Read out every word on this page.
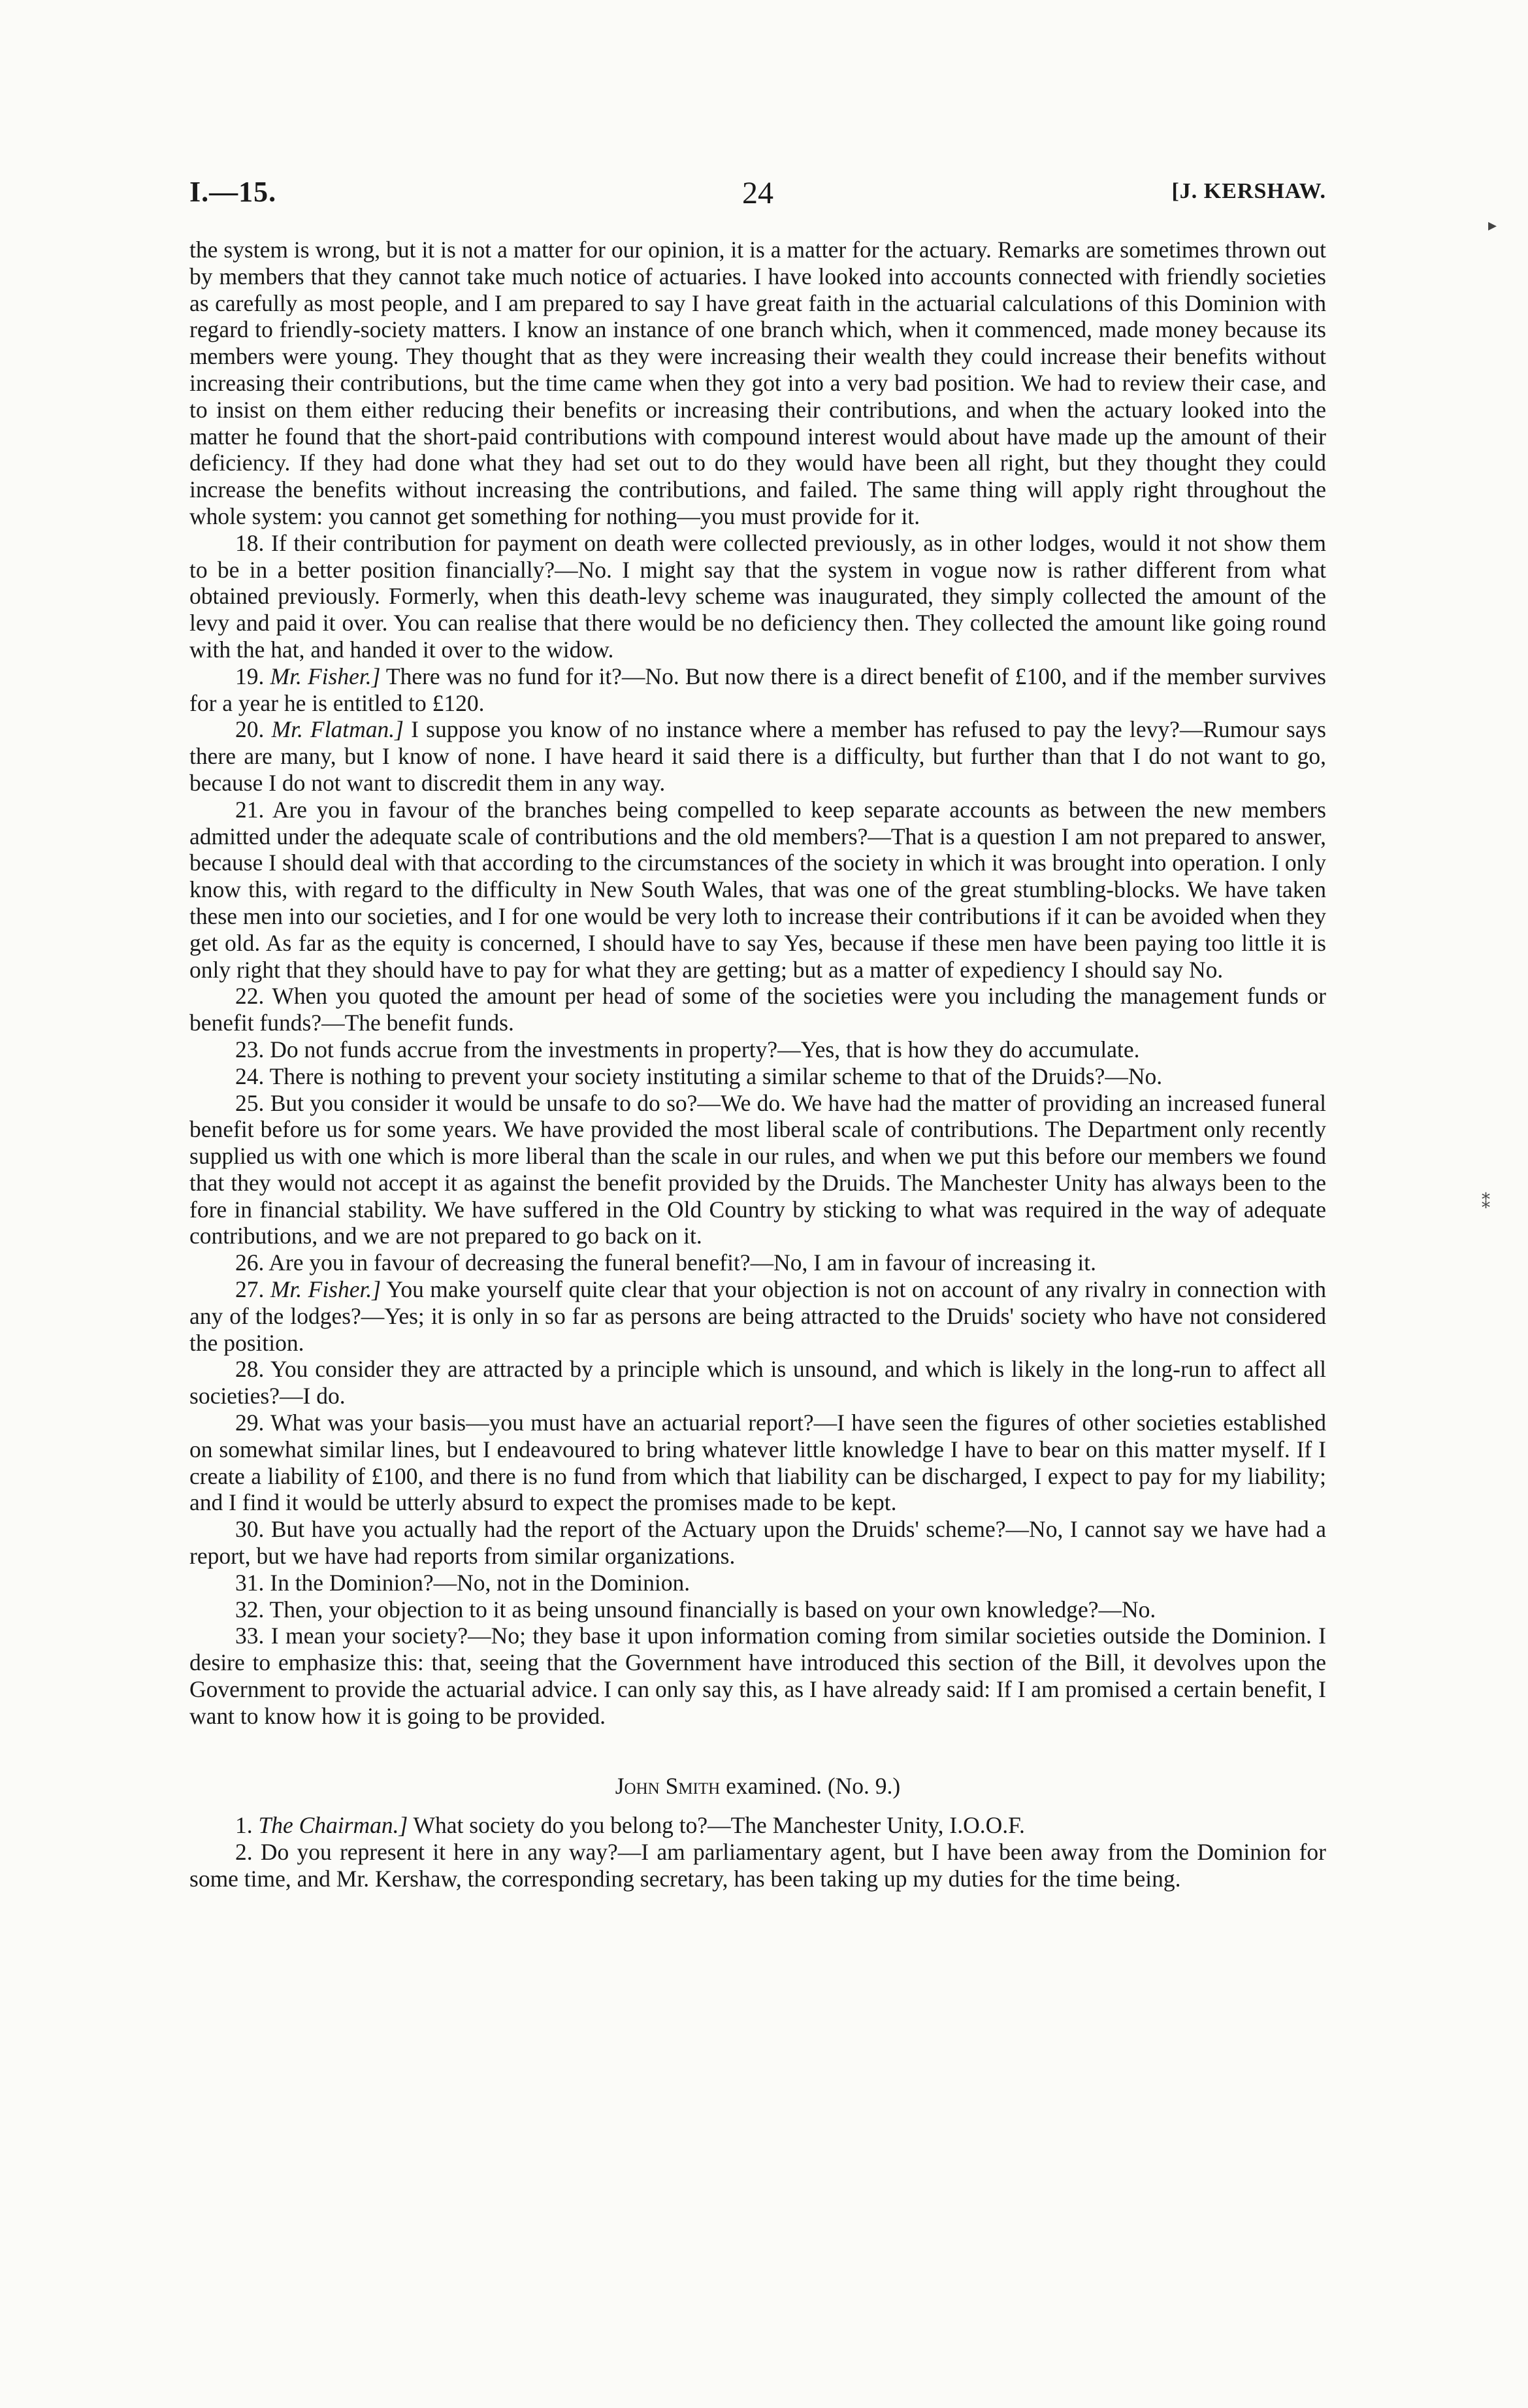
I.—15.	24	[J. KERSHAW.

the system is wrong, but it is not a matter for our opinion, it is a matter for the actuary. Remarks are sometimes thrown out by members that they cannot take much notice of actuaries. I have looked into accounts connected with friendly societies as carefully as most people, and I am prepared to say I have great faith in the actuarial calculations of this Dominion with regard to friendly-society matters. I know an instance of one branch which, when it commenced, made money because its members were young. They thought that as they were increasing their wealth they could increase their benefits without increasing their contributions, but the time came when they got into a very bad position. We had to review their case, and to insist on them either reducing their benefits or increasing their contributions, and when the actuary looked into the matter he found that the short-paid contributions with compound interest would about have made up the amount of their deficiency. If they had done what they had set out to do they would have been all right, but they thought they could increase the benefits without increasing the contributions, and failed. The same thing will apply right throughout the whole system: you cannot get something for nothing—you must provide for it.

18. If their contribution for payment on death were collected previously, as in other lodges, would it not show them to be in a better position financially?—No. I might say that the system in vogue now is rather different from what obtained previously. Formerly, when this death-levy scheme was inaugurated, they simply collected the amount of the levy and paid it over. You can realise that there would be no deficiency then. They collected the amount like going round with the hat, and handed it over to the widow.

19. Mr. Fisher.] There was no fund for it?—No. But now there is a direct benefit of £100, and if the member survives for a year he is entitled to £120.

20. Mr. Flatman.] I suppose you know of no instance where a member has refused to pay the levy?—Rumour says there are many, but I know of none. I have heard it said there is a difficulty, but further than that I do not want to go, because I do not want to discredit them in any way.

21. Are you in favour of the branches being compelled to keep separate accounts as between the new members admitted under the adequate scale of contributions and the old members?—That is a question I am not prepared to answer, because I should deal with that according to the circumstances of the society in which it was brought into operation. I only know this, with regard to the difficulty in New South Wales, that was one of the great stumbling-blocks. We have taken these men into our societies, and I for one would be very loth to increase their contributions if it can be avoided when they get old. As far as the equity is concerned, I should have to say Yes, because if these men have been paying too little it is only right that they should have to pay for what they are getting; but as a matter of expediency I should say No.

22. When you quoted the amount per head of some of the societies were you including the management funds or benefit funds?—The benefit funds.

23. Do not funds accrue from the investments in property?—Yes, that is how they do accumulate.

24. There is nothing to prevent your society instituting a similar scheme to that of the Druids?—No.

25. But you consider it would be unsafe to do so?—We do. We have had the matter of providing an increased funeral benefit before us for some years. We have provided the most liberal scale of contributions. The Department only recently supplied us with one which is more liberal than the scale in our rules, and when we put this before our members we found that they would not accept it as against the benefit provided by the Druids. The Manchester Unity has always been to the fore in financial stability. We have suffered in the Old Country by sticking to what was required in the way of adequate contributions, and we are not prepared to go back on it.

26. Are you in favour of decreasing the funeral benefit?—No, I am in favour of increasing it.

27. Mr. Fisher.] You make yourself quite clear that your objection is not on account of any rivalry in connection with any of the lodges?—Yes; it is only in so far as persons are being attracted to the Druids' society who have not considered the position.

28. You consider they are attracted by a principle which is unsound, and which is likely in the long-run to affect all societies?—I do.

29. What was your basis—you must have an actuarial report?—I have seen the figures of other societies established on somewhat similar lines, but I endeavoured to bring whatever little knowledge I have to bear on this matter myself. If I create a liability of £100, and there is no fund from which that liability can be discharged, I expect to pay for my liability; and I find it would be utterly absurd to expect the promises made to be kept.

30. But have you actually had the report of the Actuary upon the Druids' scheme?—No, I cannot say we have had a report, but we have had reports from similar organizations.

31. In the Dominion?—No, not in the Dominion.

32. Then, your objection to it as being unsound financially is based on your own knowledge?—No.

33. I mean your society?—No; they base it upon information coming from similar societies outside the Dominion. I desire to emphasize this: that, seeing that the Government have introduced this section of the Bill, it devolves upon the Government to provide the actuarial advice. I can only say this, as I have already said: If I am promised a certain benefit, I want to know how it is going to be provided.

John Smith examined. (No. 9.)

1. The Chairman.] What society do you belong to?—The Manchester Unity, I.O.O.F.

2. Do you represent it here in any way?—I am parliamentary agent, but I have been away from the Dominion for some time, and Mr. Kershaw, the corresponding secretary, has been taking up my duties for the time being.

▸
⁑
